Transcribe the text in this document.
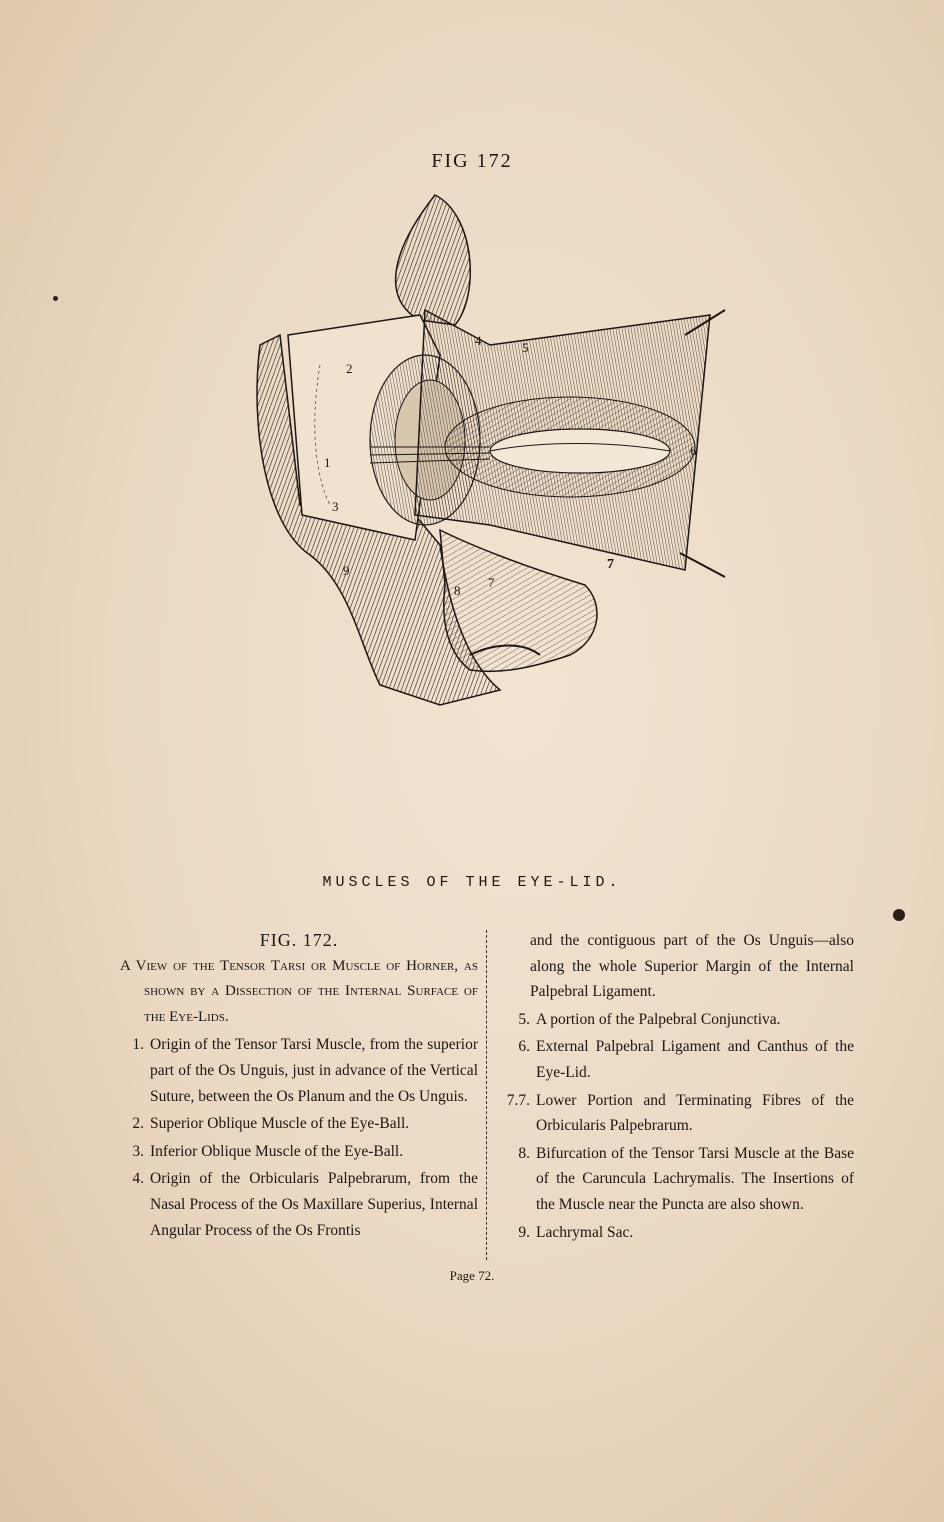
FIG 172
1
2
3
4	5
6
7
7
8
9
MUSCLES OF THE EYE-LID.
FIG. 172.
A View of the Tensor Tarsi or Muscle of Horner, as shown by a Dissection of the Internal Surface of the Eye-Lids.
1. Origin of the Tensor Tarsi Muscle, from the superior part of the Os Unguis, just in advance of the Vertical Suture, between the Os Planum and the Os Unguis.
2. Superior Oblique Muscle of the Eye-Ball.
3. Inferior Oblique Muscle of the Eye-Ball.
4. Origin of the Orbicularis Palpebrarum, from the Nasal Process of the Os Maxillare Superius, Internal Angular Process of the Os Frontis
and the contiguous part of the Os Unguis—also along the whole Superior Margin of the Internal Palpebral Ligament.
5. A portion of the Palpebral Conjunctiva.
6. External Palpebral Ligament and Canthus of the Eye-Lid.
7.7. Lower Portion and Terminating Fibres of the Orbicularis Palpebrarum.
8. Bifurcation of the Tensor Tarsi Muscle at the Base of the Caruncula Lachrymalis. The Insertions of the Muscle near the Puncta are also shown.
9. Lachrymal Sac.
Page 72.
